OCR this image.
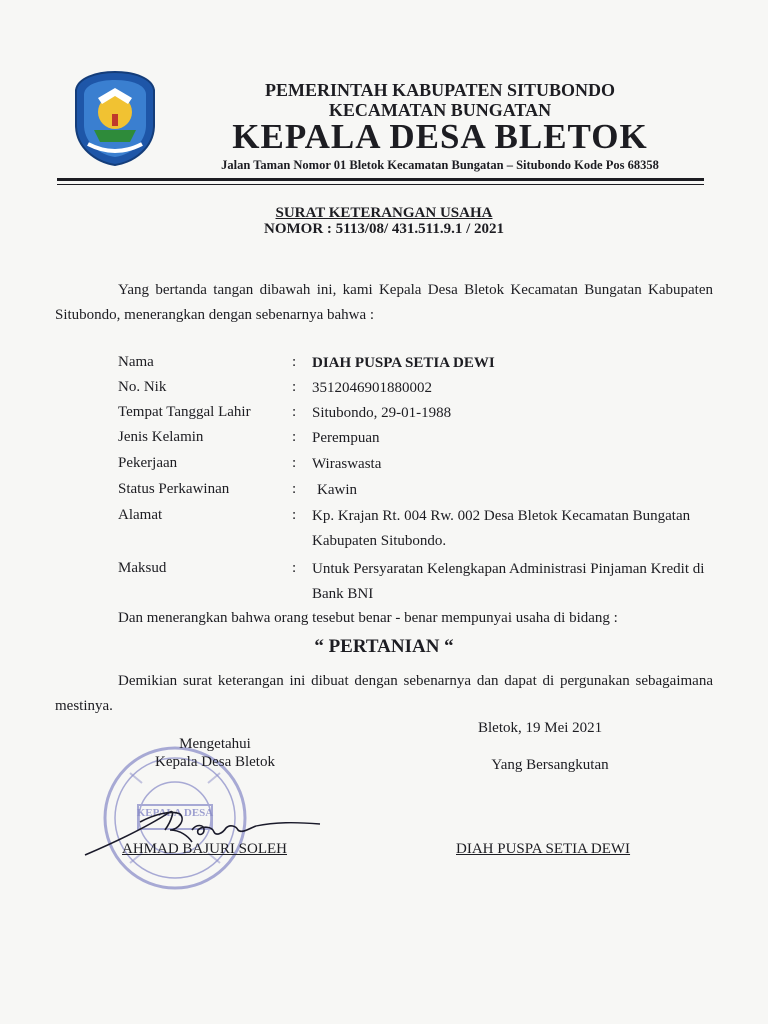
PEMERINTAH KABUPATEN SITUBONDO
KECAMATAN BUNGATAN
KEPALA DESA BLETOK
Jalan Taman Nomor 01 Bletok Kecamatan Bungatan – Situbondo Kode Pos 68358
SURAT KETERANGAN USAHA
NOMOR : 5113/08/ 431.511.9.1 / 2021
Yang bertanda tangan dibawah ini, kami Kepala Desa Bletok Kecamatan Bungatan Kabupaten Situbondo, menerangkan dengan sebenarnya bahwa :
Nama	: DIAH PUSPA SETIA DEWI
No. Nik	: 3512046901880002
Tempat Tanggal Lahir	: Situbondo, 29-01-1988
Jenis Kelamin	: Perempuan
Pekerjaan	: Wiraswasta
Status Perkawinan	: Kawin
Alamat	: Kp. Krajan Rt. 004 Rw. 002 Desa Bletok Kecamatan Bungatan Kabupaten Situbondo.
Maksud	: Untuk Persyaratan Kelengkapan Administrasi Pinjaman Kredit di Bank BNI
Dan menerangkan bahwa orang tesebut benar - benar mempunyai usaha di bidang :
“ PERTANIAN “
Demikian surat keterangan ini dibuat dengan sebenarnya dan dapat di pergunakan sebagaimana mestinya.
Bletok, 19 Mei 2021
KEPALA DESA
Mengetahui
Kepala Desa Bletok	Yang Bersangkutan
AHMAD BAJURI SOLEH	DIAH PUSPA SETIA DEWI
